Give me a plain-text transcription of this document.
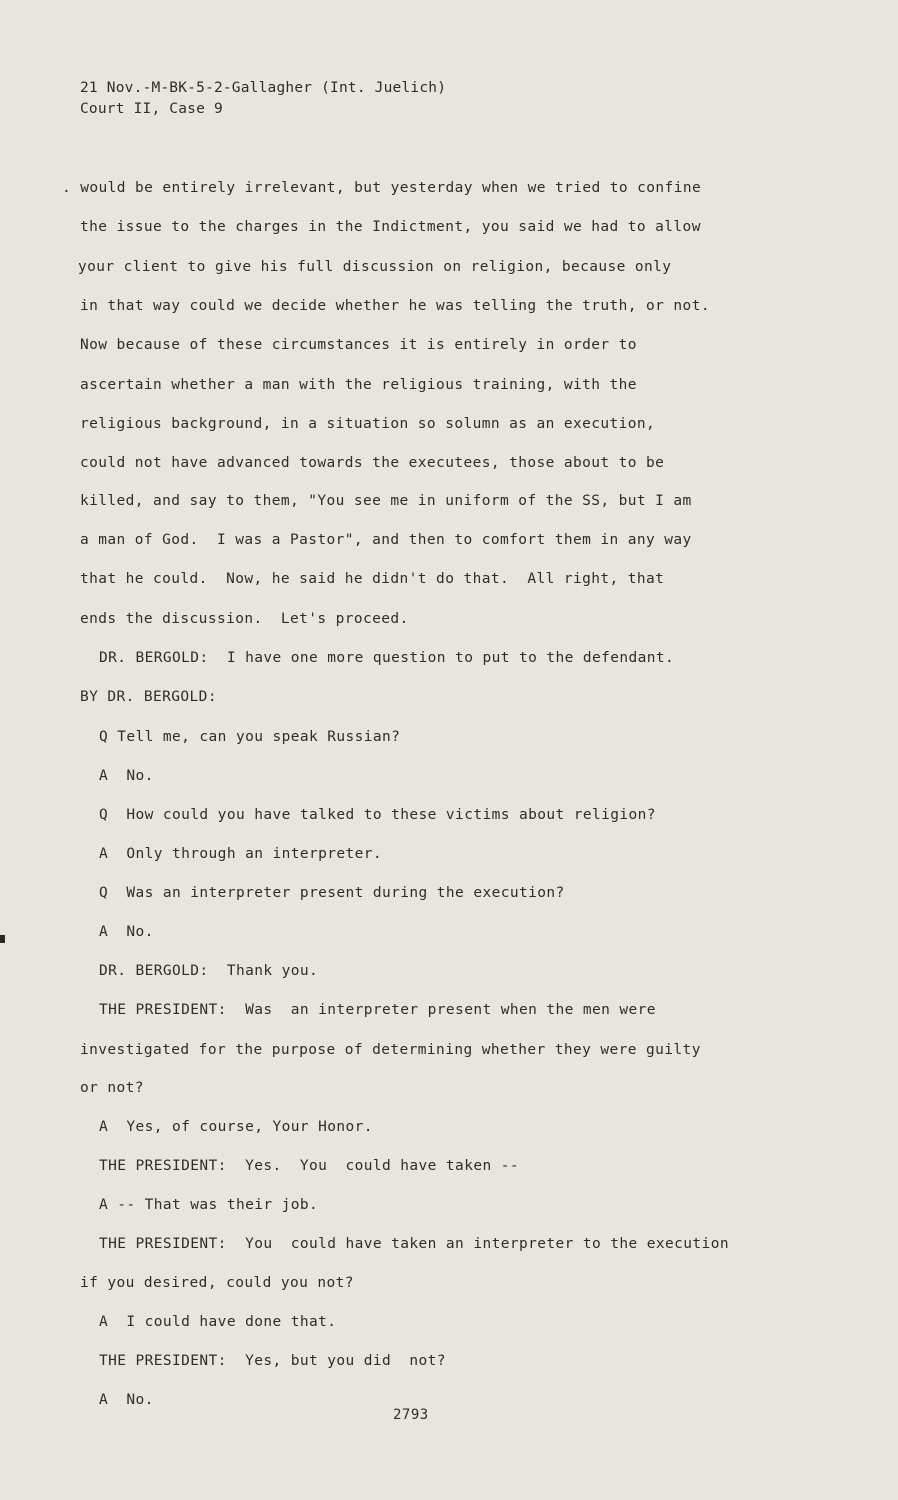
21 Nov.-M-BK-5-2-Gallagher (Int. Juelich)
Court II, Case 9
. would be entirely irrelevant, but yesterday when we tried to confine
the issue to the charges in the Indictment, you said we had to allow
your client to give his full discussion on religion, because only
in that way could we decide whether he was telling the truth, or not.
Now because of these circumstances it is entirely in order to
ascertain whether a man with the religious training, with the
religious background, in a situation so solumn as an execution,
could not have advanced towards the executees, those about to be
killed, and say to them, "You see me in uniform of the SS, but I am
a man of God.  I was a Pastor", and then to comfort them in any way
that he could.  Now, he said he didn't do that.  All right, that
ends the discussion.  Let's proceed.
DR. BERGOLD:  I have one more question to put to the defendant.
BY DR. BERGOLD:
Q Tell me, can you speak Russian?
A  No.
Q  How could you have talked to these victims about religion?
A  Only through an interpreter.
Q  Was an interpreter present during the execution?
A  No.
DR. BERGOLD:  Thank you.
THE PRESIDENT:  Was  an interpreter present when the men were
investigated for the purpose of determining whether they were guilty
or not?
A  Yes, of course, Your Honor.
THE PRESIDENT:  Yes.  You  could have taken --
A -- That was their job.
THE PRESIDENT:  You  could have taken an interpreter to the execution
if you desired, could you not?
A  I could have done that.
THE PRESIDENT:  Yes, but you did  not?
A  No.
2793
